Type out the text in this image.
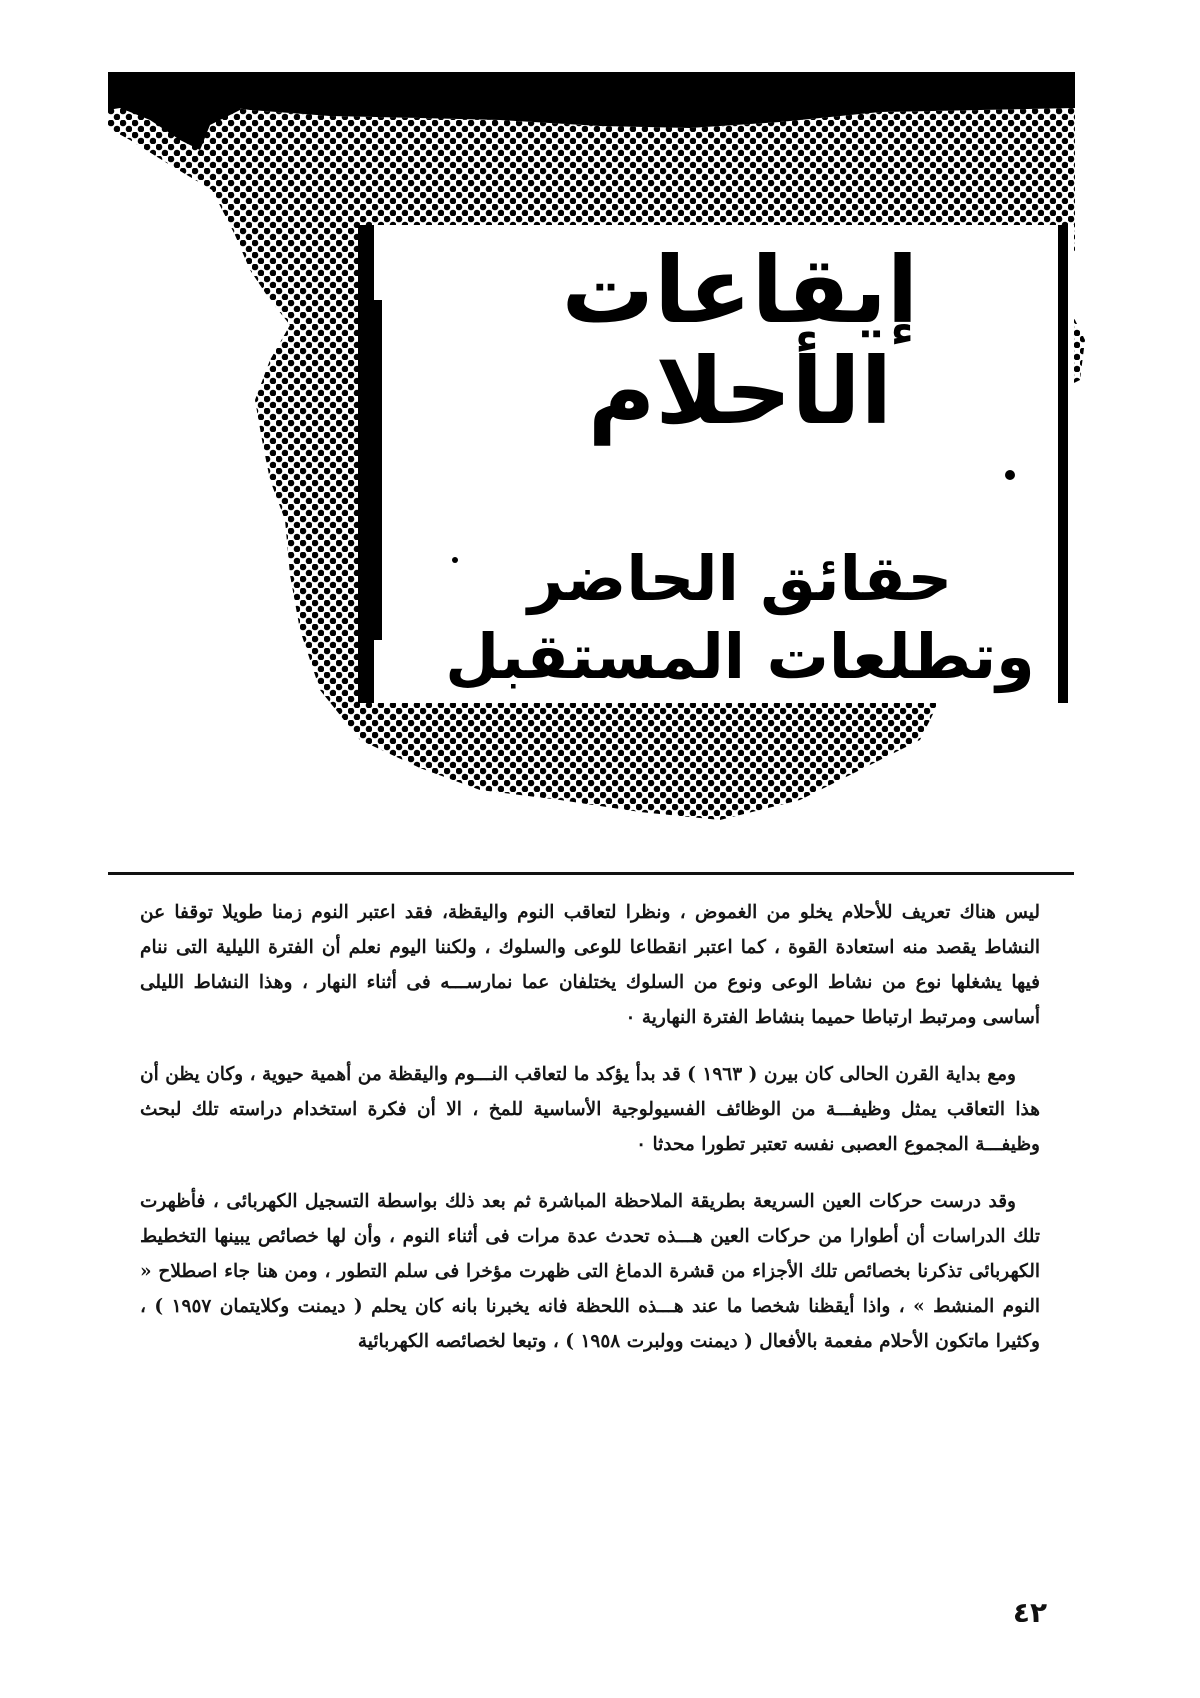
إيقاعات الأحلام

حقائق الحاضر

وتطلعات المستقبل

ليس هناك تعريف للأحلام يخلو من الغموض ، ونظرا لتعاقب النوم واليقظة، فقد اعتبر النوم زمنا طويلا توقفا عن النشاط يقصد منه استعادة القوة ، كما اعتبر انقطاعا للوعى والسلوك ، ولكننا اليوم نعلم أن الفترة الليلية التى ننام فيها يشغلها نوع من نشاط الوعى ونوع من السلوك يختلفان عما نمارســـه فى أثناء النهار ، وهذا النشاط الليلى أساسى ومرتبط ارتباطا حميما بنشاط الفترة النهارية ٠

ومع بداية القرن الحالى كان بيرن ( ١٩٦٣ ) قد بدأ يؤكد ما لتعاقب النـــوم واليقظة من أهمية حيوية ، وكان يظن أن هذا التعاقب يمثل وظيفـــة من الوظائف الفسيولوجية الأساسية للمخ ، الا أن فكرة استخدام دراسته تلك لبحث وظيفـــة المجموع العصبى نفسه تعتبر تطورا محدثا ٠

وقد درست حركات العين السريعة بطريقة الملاحظة المباشرة ثم بعد ذلك بواسطة التسجيل الكهربائى ، فأظهرت تلك الدراسات أن أطوارا من حركات العين هـــذه تحدث عدة مرات فى أثناء النوم ، وأن لها خصائص يبينها التخطيط الكهربائى تذكرنا بخصائص تلك الأجزاء من قشرة الدماغ التى ظهرت مؤخرا فى سلم التطور ، ومن هنا جاء اصطلاح « النوم المنشط » ، واذا أيقظنا شخصا ما عند هـــذه اللحظة فانه يخبرنا بانه كان يحلم ( ديمنت وكلايتمان ١٩٥٧ ) ، وكثيرا ماتكون الأحلام مفعمة بالأفعال ( ديمنت وولبرت ١٩٥٨ ) ، وتبعا لخصائصه الكهربائية

٤٢
